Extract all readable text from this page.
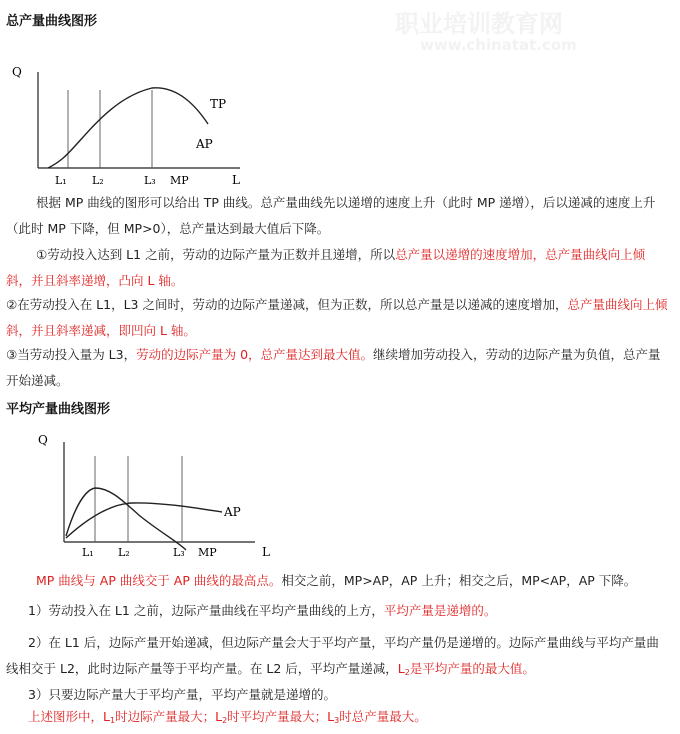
职业培训教育网
www.chinatat.com
总产量曲线图形
Q
TP
AP
L₁ L₂	L₃ MP	L

根据 MP 曲线的图形可以给出 TP 曲线。总产量曲线先以递增的速度上升（此时 MP 递增），后以递减的速度上升（此时 MP 下降，但 MP>0），总产量达到最大值后下降。

①劳动投入达到 L1 之前，劳动的边际产量为正数并且递增，所以总产量以递增的速度增加，总产量曲线向上倾斜，并且斜率递增，凸向 L 轴。

②在劳动投入在 L1，L3 之间时，劳动的边际产量递减，但为正数，所以总产量是以递减的速度增加，总产量曲线向上倾斜，并且斜率递减，即凹向 L 轴。

③当劳动投入量为 L3，劳动的边际产量为 0，总产量达到最大值。继续增加劳动投入，劳动的边际产量为负值，总产量开始递减。

平均产量曲线图形
Q
AP
L₁ L₂	L₃ MP	L

MP 曲线与 AP 曲线交于 AP 曲线的最高点。相交之前，MP>AP，AP 上升；相交之后，MP<AP，AP 下降。

1）劳动投入在 L1 之前，边际产量曲线在平均产量曲线的上方，平均产量是递增的。

2）在 L1 后，边际产量开始递减，但边际产量会大于平均产量，平均产量仍是递增的。边际产量曲线与平均产量曲线相交于 L2，此时边际产量等于平均产量。在 L2 后，平均产量递减，$L_2$是平均产量的最大值。

3）只要边际产量大于平均产量，平均产量就是递增的。

上述图形中，$L_1$时边际产量最大；$L_2$时平均产量最大；$L_3$时总产量最大。
